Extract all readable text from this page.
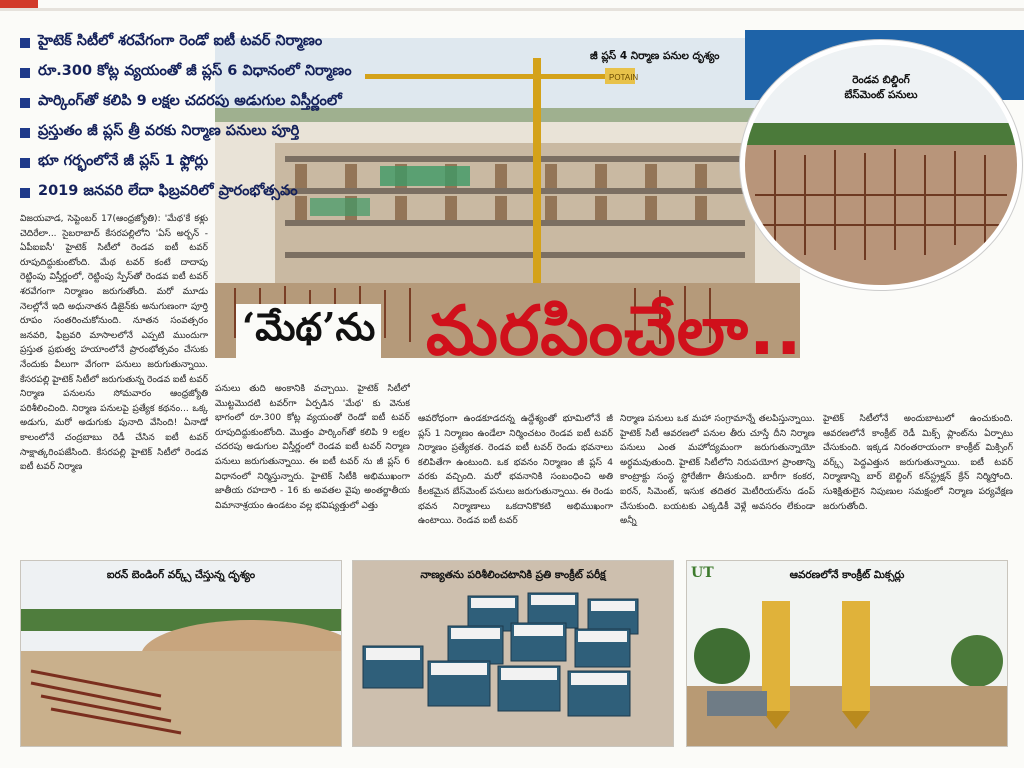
POTAIN
జీ ప్లస్ 4 నిర్మాణ పనుల దృశ్యం
రెండవ బిల్డింగ్
బేస్‌మెంట్ పనులు
హైటెక్ సిటీలో శరవేగంగా రెండో ఐటీ టవర్ నిర్మాణం
రూ.300 కోట్ల వ్యయంతో జీ ప్లస్ 6 విధానంలో నిర్మాణం
పార్కింగ్‌తో కలిపి 9 లక్షల చదరపు అడుగుల విస్తీర్ణంలో
ప్రస్తుతం జీ ప్లస్ త్రీ వరకు నిర్మాణ పనులు పూర్తి
భూ గర్భంలోనే జీ ప్లస్ 1 ఫ్లోర్లు
2019 జనవరి లేదా ఫిబ్రవరిలో ప్రారంభోత్సవం
‘మేథ’ను మరపించేలా..

విజయవాడ, సెప్టెంబర్ 17(ఆంధ్రజ్యోతి): 'మేథ'కే కళ్లు చెదిరేలా... సైబరాబాద్ కేసరపల్లిలోని 'ఏస్ అర్బన్ - ఏపీఐఐసీ' హైటెక్ సిటీలో రెండవ ఐటీ టవర్ రూపుదిద్దుకుంటోంది. మేథ టవర్ కంటే దాదాపు రెట్టింపు విస్తీర్ణంలో, రెట్టింపు స్పేస్‌తో రెండవ ఐటీ టవర్ శరవేగంగా నిర్మాణం జరుగుతోంది. మరో మూడు నెలల్లోనే ఇది అధునాతన డిజైన్‌కు అనుగుణంగా పూర్తి రూపం సంతరించుకోనుంది. నూతన సంవత్సరం జనవరి, ఫిబ్రవరి మాసాలలోనే ఎప్పటి ముందుగా ప్రస్తుత ప్రభుత్వ హయాంలోనే ప్రారంభోత్సవం చేసుకు నేందుకు వీలుగా వేగంగా పనులు జరుగుతున్నాయి. కేసరపల్లి హైటెక్ సిటీలో జరుగుతున్న రెండవ ఐటీ టవర్ నిర్మాణ పనులను సోమవారం ఆంధ్రజ్యోతి పరిశీలించింది. నిర్మాణ పనులపై ప్రత్యేక కథనం... ఒక్క అడుగు, మరో అడుగుకు పునాది వేసింది! ఏనాడో కాలంలోనే చంద్రబాబు రెడీ చేసిన ఐటీ టవర్ సాక్షాత్కరింపజేసింది. కేసరపల్లి హైటెక్ సిటీలో రెండవ ఐటీ టవర్ నిర్మాణ

పనులు తుది అంకానికి వచ్చాయి. హైటెక్ సిటీలో మొట్టమొదటి టవర్‌గా ఏర్పడిన 'మేథ' కు వెనుక భాగంలో రూ.300 కోట్ల వ్యయంతో రెండో ఐటీ టవర్ రూపుదిద్దుకుంటోంది. మొత్తం పార్కింగ్‌తో కలిపి 9 లక్షల చదరపు అడుగుల విస్తీర్ణంలో రెండవ ఐటీ టవర్ నిర్మాణ పనులు జరుగుతున్నాయి. ఈ ఐటీ టవర్ ను జీ ప్లస్ 6 విధానంలో నిర్మిస్తున్నారు. హైటెక్ సిటీకి అభిముఖంగా జాతీయ రహదారి - 16 కు అవతల వైపు అంతర్జాతీయ విమానాశ్రయం ఉండటం వల్ల భవిష్యత్తులో ఎత్తు

ఆవరోధంగా ఉండకూడదన్న ఉద్దేశ్యంతో భూమిలోనే జీ ప్లస్ 1 నిర్మాణం ఉండేలా నిర్మించటం రెండవ ఐటీ టవర్ నిర్మాణం ప్రత్యేకత. రెండవ ఐటీ టవర్ రెండు భవనాలు కలిపితేగా ఉంటుంది. ఒక భవనం నిర్మాణం జీ ప్లస్ 4 వరకు వచ్చింది. మరో భవనానికి సంబంధించి అతి కీలకమైన బేస్‌మెంట్ పనులు జరుగుతున్నాయి. ఈ రెండు భవన నిర్మాణాలు ఒకదానికొకటి అభిముఖంగా ఉంటాయి. రెండవ ఐటీ టవర్

నిర్మాణ పనులు ఒక మహా సంగ్రామాన్నే తలపిస్తున్నాయి. హైటెక్ సిటీ ఆవరణలో పనుల తీరు చూస్తే దీని నిర్మాణ పనులు ఎంత మహోద్యమంగా జరుగుతున్నాయో అర్థమవుతుంది. హైటెక్ సిటీలోని నిరుపయోగ ప్రాంతాన్ని కాంట్రాక్టు సంస్థ స్టోరేజీగా తీసుకుంది. బారీగా కంకర, ఐరన్, సిమెంట్, ఇసుక తదితర మెటీరియల్‌ను డంప్ చేసుకుంది. బయటకు ఎక్కడికీ వెళ్లే అవసరం లేకుండా అన్నీ

హైటెక్ సిటీలోనే అందుబాటులో ఉంచుకుంది. ఆవరణలోనే కాంక్రీట్ రెడీ మిక్స్ ప్లాంట్‌ను ఏర్పాటు చేసుకుంది. ఇక్కడ నిరంతరాయంగా కాంక్రీట్ మిక్సింగ్ వర్క్స్ పెద్దఎత్తున జరుగుతున్నాయి. ఐటీ టవర్ నిర్మాణాన్ని బార్ బెల్టింగ్ కన్‌స్ట్రక్షన్ క్రేన్ నిర్మిస్తోంది. సుశిక్షితులైన నిపుణుల సమక్షంలో నిర్మాణ పర్యవేక్షణ జరుగుతోంది.

ఐరన్ బెండింగ్ వర్క్స్ చేస్తున్న దృశ్యం	నాణ్యతను పరిశీలించటానికి ప్రతి కాంక్రీట్ పరీక్ష	UT	ఆవరణలోనే కాంక్రీట్ మిక్సర్లు
